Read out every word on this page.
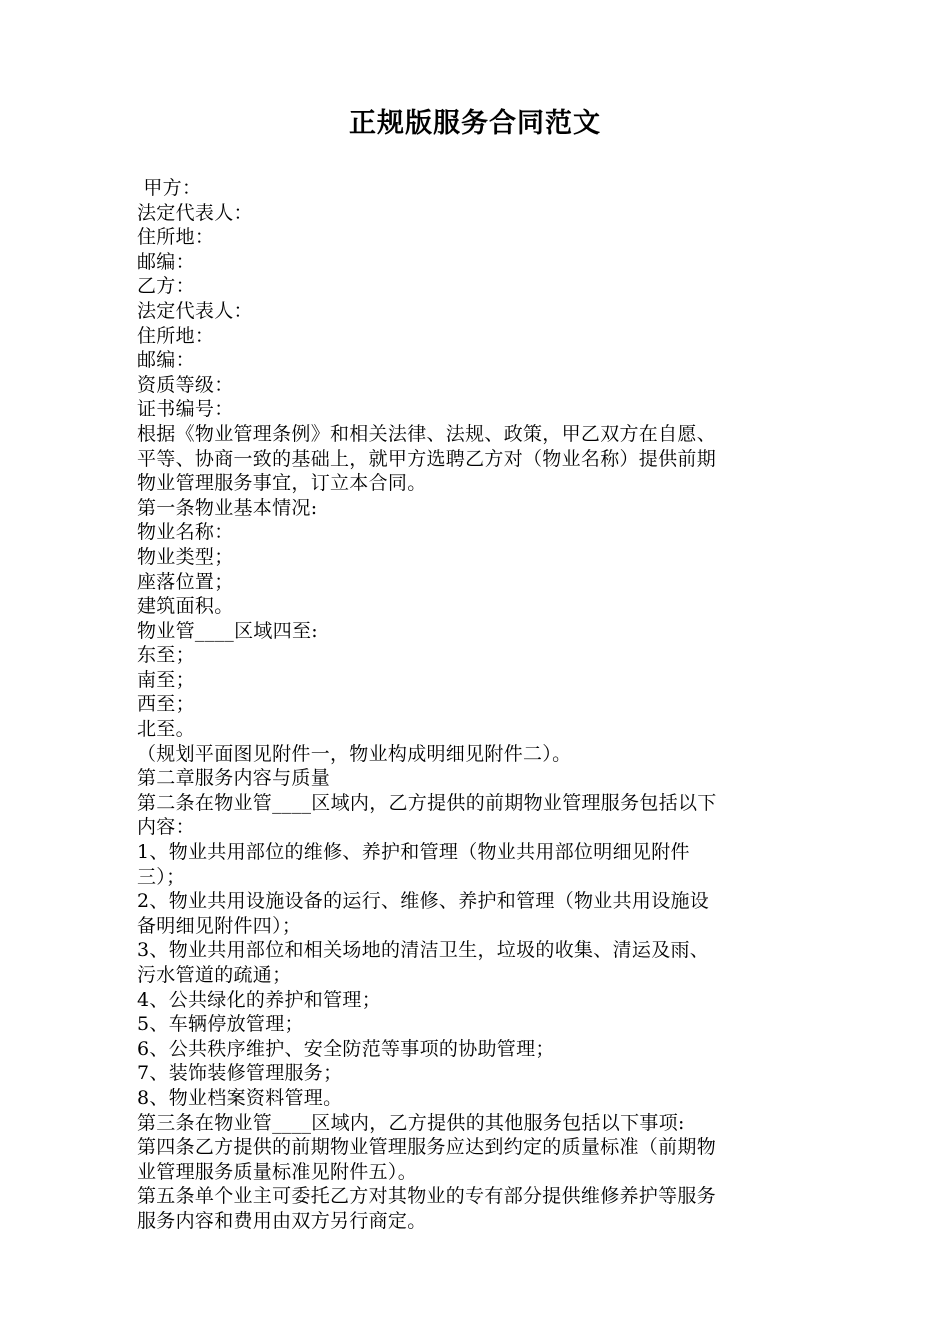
正规版服务合同范文

甲方：

法定代表人：

住所地：

邮编：

乙方：

法定代表人：

住所地：

邮编：

资质等级：

证书编号：

根据《物业管理条例》和相关法律、法规、政策，甲乙双方在自愿、

平等、协商一致的基础上，就甲方选聘乙方对（物业名称）提供前期

物业管理服务事宜，订立本合同。

第一条物业基本情况:

物业名称：

物业类型；

座落位置；

建筑面积。

物业管____区域四至:

东至；

南至；

西至；

北至。

（规划平面图见附件一，物业构成明细见附件二）。

第二章服务内容与质量

第二条在物业管____区域内，乙方提供的前期物业管理服务包括以下

内容：

1、物业共用部位的维修、养护和管理（物业共用部位明细见附件

三）；

2、物业共用设施设备的运行、维修、养护和管理（物业共用设施设

备明细见附件四）；

3、物业共用部位和相关场地的清洁卫生，垃圾的收集、清运及雨、

污水管道的疏通；

4、公共绿化的养护和管理；

5、车辆停放管理；

6、公共秩序维护、安全防范等事项的协助管理；

7、装饰装修管理服务；

8、物业档案资料管理。

第三条在物业管____区域内，乙方提供的其他服务包括以下事项:

第四条乙方提供的前期物业管理服务应达到约定的质量标准（前期物

业管理服务质量标准见附件五）。

第五条单个业主可委托乙方对其物业的专有部分提供维修养护等服务

服务内容和费用由双方另行商定。
